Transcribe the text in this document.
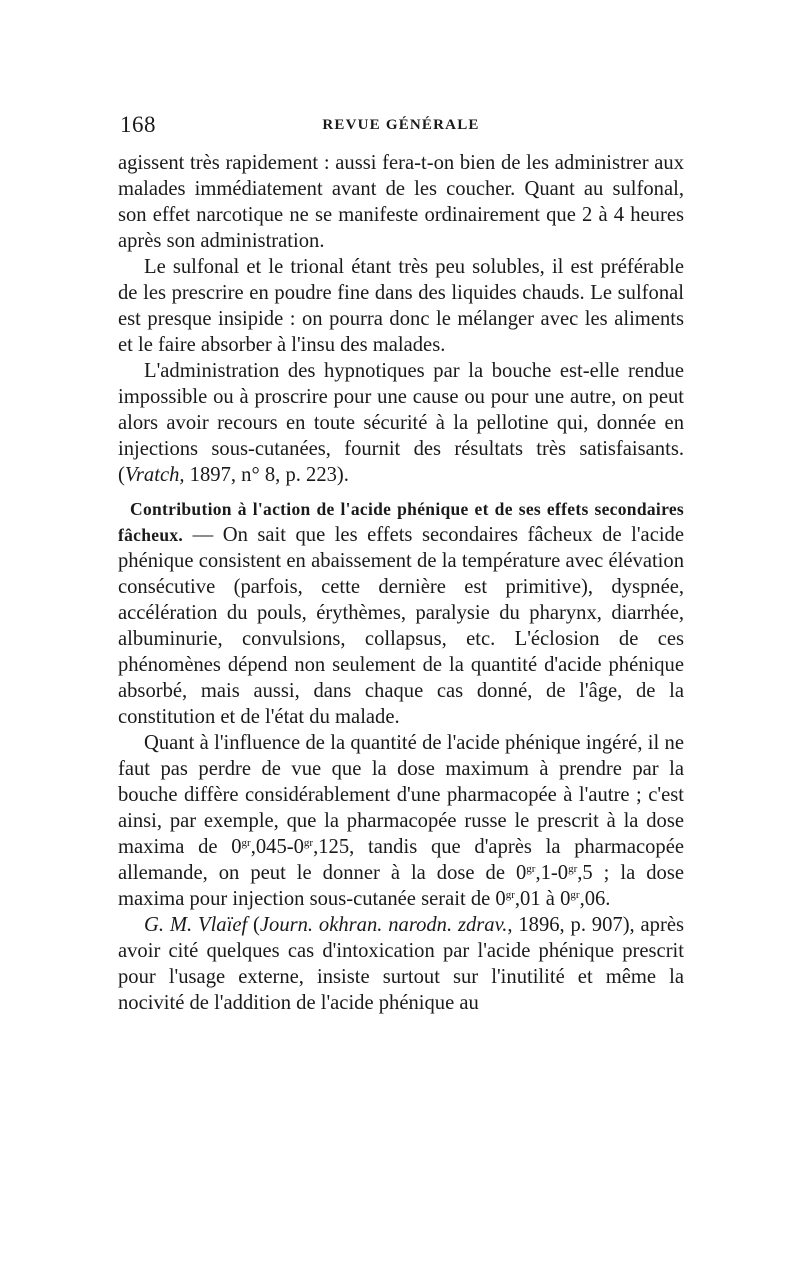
168	REVUE GÉNÉRALE

agissent très rapidement : aussi fera-t-on bien de les administrer aux malades immédiatement avant de les coucher. Quant au sulfonal, son effet narcotique ne se manifeste ordinairement que 2 à 4 heures après son administration.

Le sulfonal et le trional étant très peu solubles, il est préférable de les prescrire en poudre fine dans des liquides chauds. Le sulfonal est presque insipide : on pourra donc le mélanger avec les aliments et le faire absorber à l'insu des malades.

L'administration des hypnotiques par la bouche est-elle rendue impossible ou à proscrire pour une cause ou pour une autre, on peut alors avoir recours en toute sécurité à la pellotine qui, donnée en injections sous-cutanées, fournit des résultats très satisfaisants. (Vratch, 1897, n° 8, p. 223).

Contribution à l'action de l'acide phénique et de ses effets secondaires fâcheux. — On sait que les effets secondaires fâcheux de l'acide phénique consistent en abaissement de la température avec élévation consécutive (parfois, cette dernière est primitive), dyspnée, accélération du pouls, érythèmes, paralysie du pharynx, diarrhée, albuminurie, convulsions, collapsus, etc. L'éclosion de ces phénomènes dépend non seulement de la quantité d'acide phénique absorbé, mais aussi, dans chaque cas donné, de l'âge, de la constitution et de l'état du malade.

Quant à l'influence de la quantité de l'acide phénique ingéré, il ne faut pas perdre de vue que la dose maximum à prendre par la bouche diffère considérablement d'une pharmacopée à l'autre ; c'est ainsi, par exemple, que la pharmacopée russe le prescrit à la dose maxima de $0^{gr},045-0^{gr},125$, tandis que d'après la pharmacopée allemande, on peut le donner à la dose de $0^{gr},1-0^{gr},5$ ; la dose maxima pour injection sous-cutanée serait de $0^{gr},01$ à $0^{gr},06$.

G. M. Vlaïef (Journ. okhran. narodn. zdrav., 1896, p. 907), après avoir cité quelques cas d'intoxication par l'acide phénique prescrit pour l'usage externe, insiste surtout sur l'inutilité et même la nocivité de l'addition de l'acide phénique au
